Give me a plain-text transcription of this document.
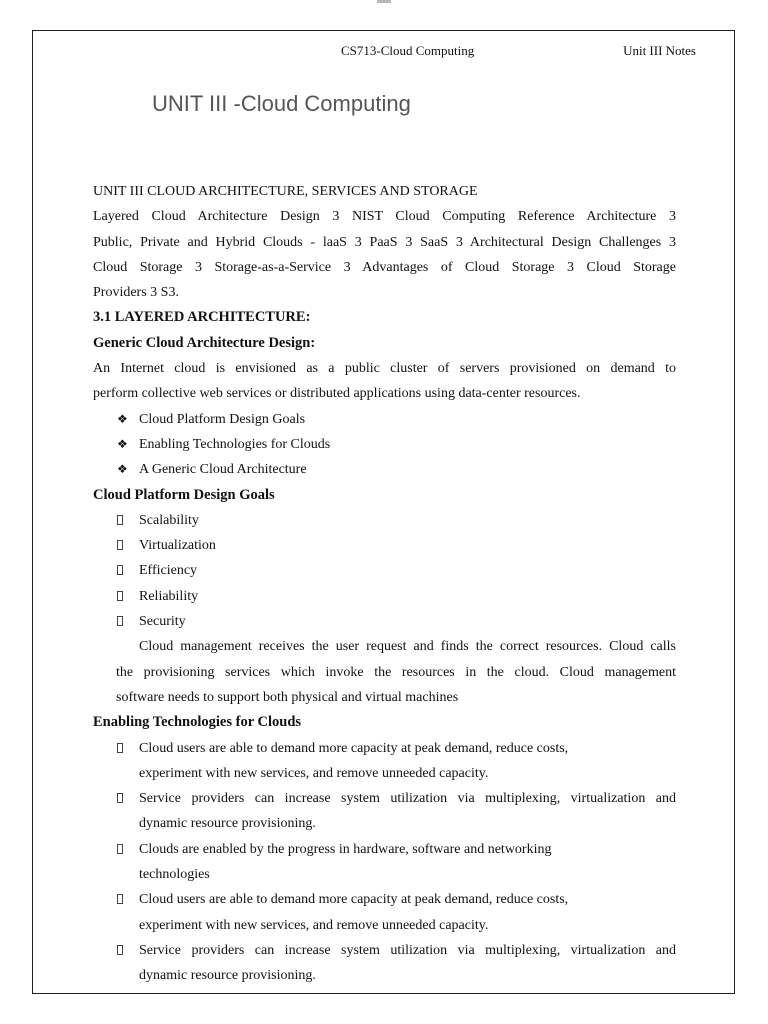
CS713-Cloud Computing	Unit III Notes
UNIT III -Cloud Computing

UNIT III CLOUD ARCHITECTURE, SERVICES AND STORAGE

Layered Cloud Architecture Design 3 NIST Cloud Computing Reference Architecture 3

Public, Private and Hybrid Clouds - laaS 3 PaaS 3 SaaS 3 Architectural Design Challenges 3

Cloud Storage 3 Storage-as-a-Service 3 Advantages of Cloud Storage 3 Cloud Storage

Providers 3 S3.

3.1 LAYERED ARCHITECTURE:

Generic Cloud Architecture Design:

An Internet cloud is envisioned as a public cluster of servers provisioned on demand to

perform collective web services or distributed applications using data-center resources.

❖ Cloud Platform Design Goals
❖ Enabling Technologies for Clouds
❖ A Generic Cloud Architecture

Cloud Platform Design Goals

Scalability
Virtualization
Efficiency
Reliability
Security

Cloud management receives the user request and finds the correct resources. Cloud calls

the provisioning services which invoke the resources in the cloud. Cloud management

software needs to support both physical and virtual machines

Enabling Technologies for Clouds

Cloud users are able to demand more capacity at peak demand, reduce costs,
experiment with new services, and remove unneeded capacity.
Service providers can increase system utilization via multiplexing, virtualization and
dynamic resource provisioning.
Clouds are enabled by the progress in hardware, software and networking
technologies
Cloud users are able to demand more capacity at peak demand, reduce costs,
experiment with new services, and remove unneeded capacity.
Service providers can increase system utilization via multiplexing, virtualization and
dynamic resource provisioning.
